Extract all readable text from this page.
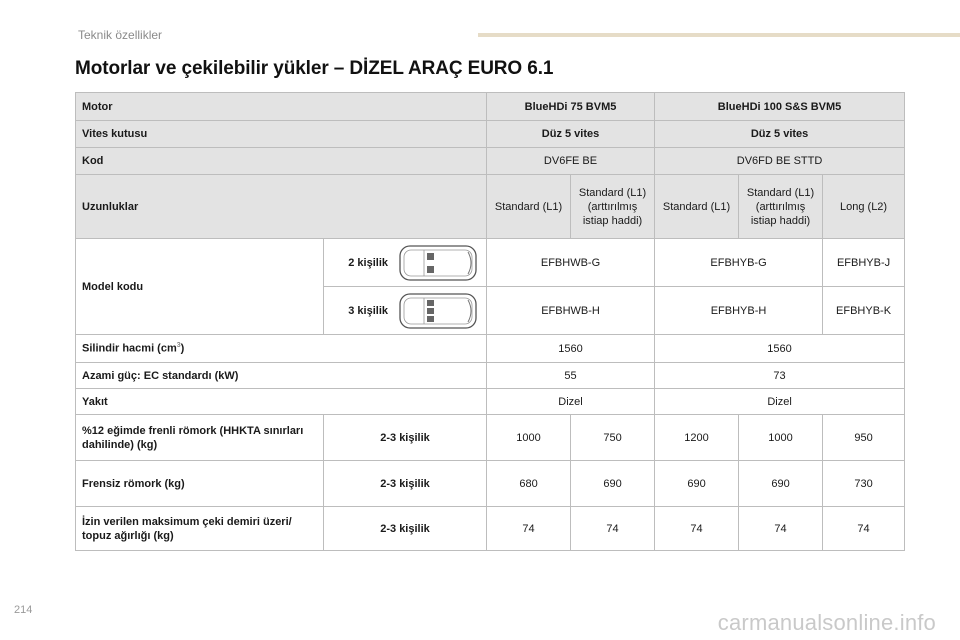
Teknik özellikler
Motorlar ve çekilebilir yükler – DİZEL ARAÇ EURO 6.1
Motor		BlueHDi 75 BVM5		BlueHDi 100 S&S BVM5		
Vites kutusu		Düz 5 vites		Düz 5 vites		
Kod		DV6FE BE		DV6FD BE STTD		
Uzunluklar		Standard (L1)	Standard (L1) (arttırılmış istiap haddi)	Standard (L1)	Standard (L1) (arttırılmış istiap haddi)	Long (L2)
Model kodu	2 kişilik	EFBHWB-G		EFBHYB-G		EFBHYB-J

	3 kişilik	EFBHWB-H		EFBHYB-H		EFBHYB-K
Silindir hacmi $(cm^3)$		1560		1560		
Azami güç: EC standardı (kW)		55		73		
Yakıt		Dizel		Dizel		
%12 eğimde frenli römork (HHKTA sınırları dahilinde) (kg)	2-3 kişilik	1000	750	1200	1000	950
Frensiz römork (kg)	2-3 kişilik	680	690	690	690	730
İzin verilen maksimum çeki demiri üzeri/ topuz ağırlığı (kg)	2-3 kişilik	74	74	74	74	74
214	carmanualsonline.info
